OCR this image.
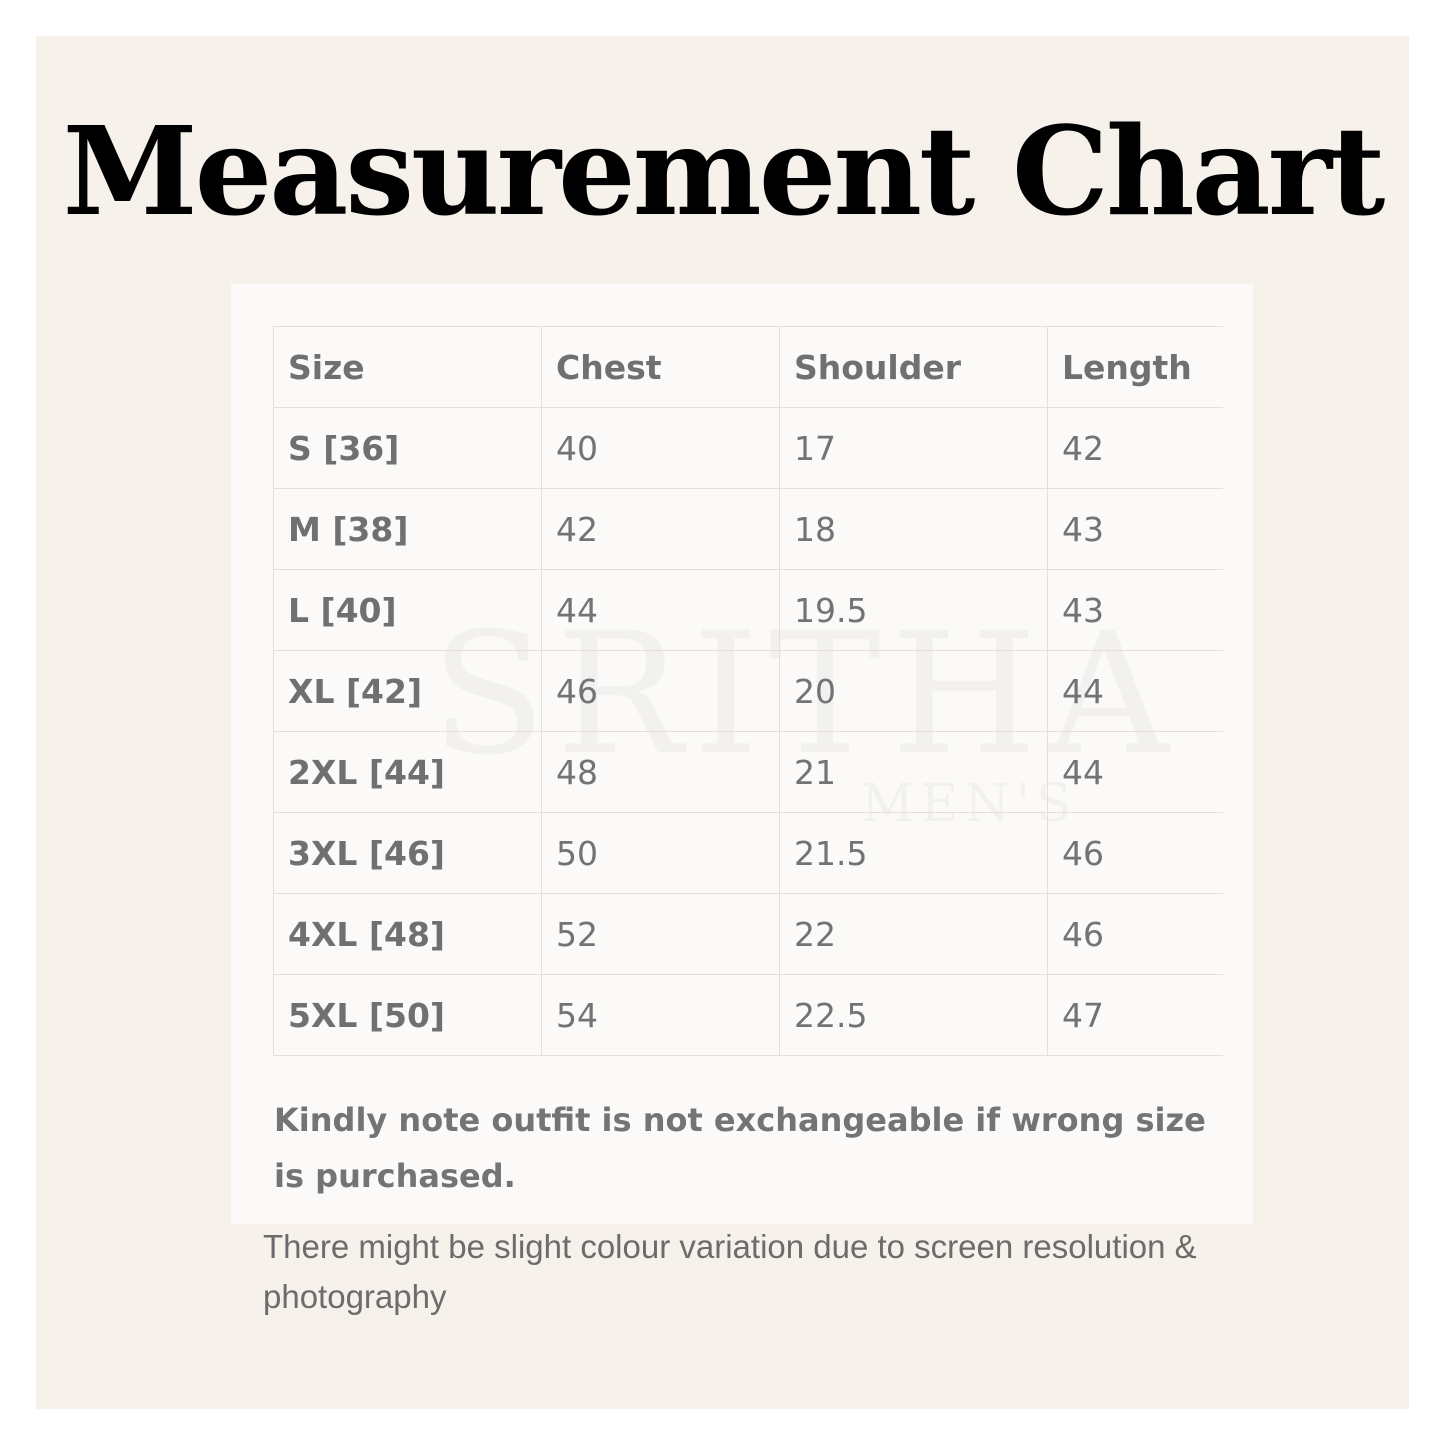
Measurement Chart
Size	Chest	Shoulder	Length
S [36]	40	17	42
M [38]	42	18	43
L [40]	44	19.5	43
XL [42]	46	20	44
2XL [44]	48	21	44
3XL [46]	50	21.5	46
4XL [48]	52	22	46
5XL [50]	54	22.5	47

Kindly note outfit is not exchangeable if wrong size is purchased.

There might be slight colour variation due to screen resolution & photography
